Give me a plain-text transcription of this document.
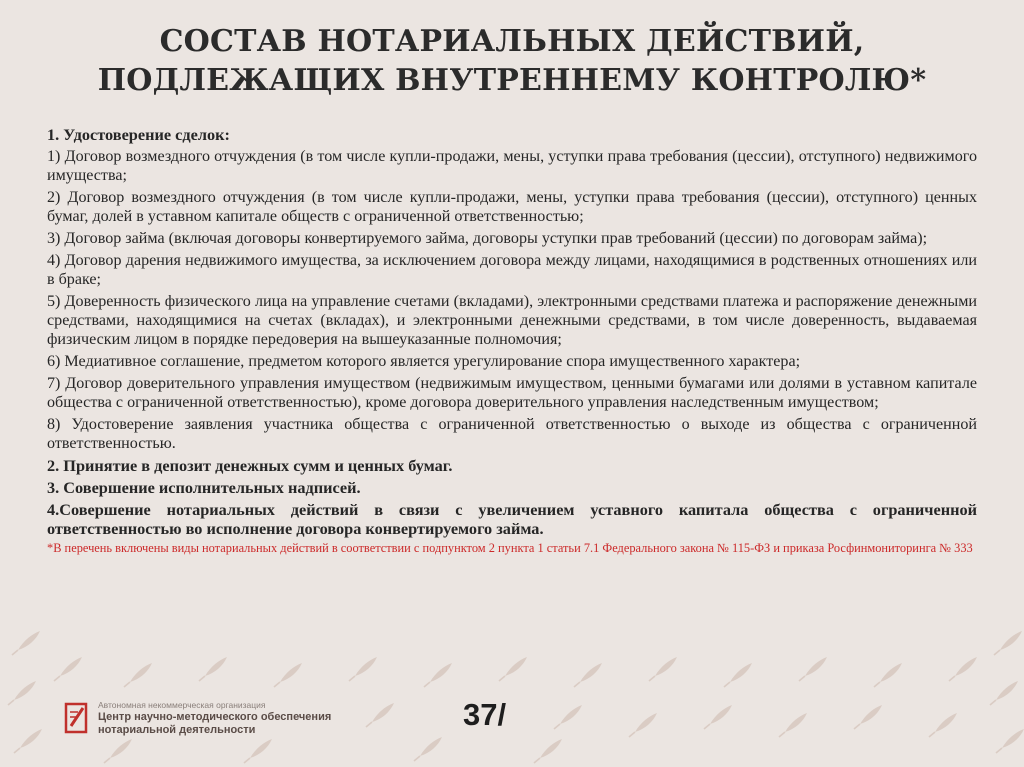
СОСТАВ НОТАРИАЛЬНЫХ ДЕЙСТВИЙ,
ПОДЛЕЖАЩИХ ВНУТРЕННЕМУ КОНТРОЛЮ*

1. Удостоверение сделок:

1) Договор возмездного отчуждения (в том числе купли-продажи, мены, уступки права требования (цессии), отступного) недвижимого имущества;

2) Договор возмездного отчуждения (в том числе купли-продажи, мены, уступки права требования (цессии), отступного) ценных бумаг, долей в уставном капитале обществ с ограниченной ответственностью;

3) Договор займа (включая договоры конвертируемого займа, договоры уступки прав требований (цессии) по договорам займа);

4) Договор дарения недвижимого имущества, за исключением договора между лицами, находящимися в родственных отношениях или в браке;

5) Доверенность физического лица на управление счетами (вкладами), электронными средствами платежа и распоряжение денежными средствами, находящимися на счетах (вкладах), и электронными денежными средствами, в том числе доверенность, выдаваемая физическим лицом в порядке передоверия на вышеуказанные полномочия;

6) Медиативное соглашение, предметом которого является урегулирование спора имущественного характера;

7) Договор доверительного управления имуществом (недвижимым имуществом, ценными бумагами или долями в уставном капитале общества с ограниченной ответственностью), кроме договора доверительного управления наследственным имуществом;

8) Удостоверение заявления участника общества с ограниченной ответственностью о выходе из общества с ограниченной ответственностью.

2. Принятие в депозит денежных сумм и ценных бумаг.

3. Совершение исполнительных надписей.

4.Совершение нотариальных действий в связи с увеличением уставного капитала общества с ограниченной ответственностью во исполнение договора конвертируемого займа.

*В перечень включены виды нотариальных действий в соответствии с подпунктом 2 пункта 1 статьи 7.1 Федерального закона № 115-ФЗ и приказа Росфинмониторинга № 333

Автономная некоммерческая организация
Центр научно-методического обеспечения
нотариальной деятельности	37/
